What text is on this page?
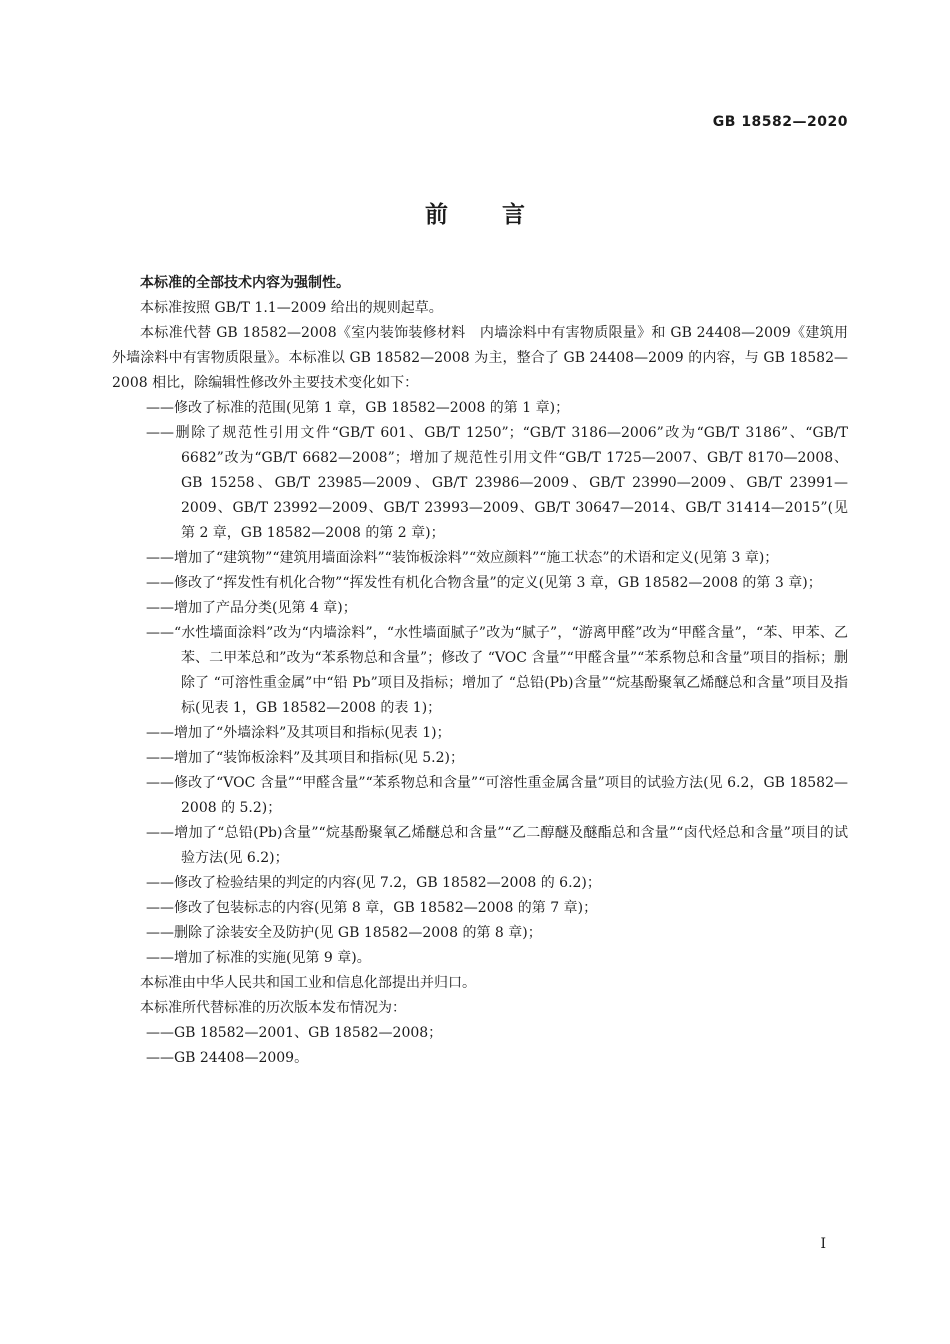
GB 18582—2020
前言

本标准的全部技术内容为强制性。

本标准按照 GB/T 1.1—2009 给出的规则起草。

本标准代替 GB 18582—2008《室内装饰装修材料　内墙涂料中有害物质限量》和 GB 24408—2009《建筑用外墙涂料中有害物质限量》。本标准以 GB 18582—2008 为主，整合了 GB 24408—2009 的内容，与 GB 18582—2008 相比，除编辑性修改外主要技术变化如下：

——修改了标准的范围(见第 1 章，GB 18582—2008 的第 1 章)；

——删除了规范性引用文件“GB/T 601、GB/T 1250”；“GB/T 3186—2006”改为“GB/T 3186”、“GB/T 6682”改为“GB/T 6682—2008”；增加了规范性引用文件“GB/T 1725—2007、GB/T 8170—2008、GB 15258、GB/T 23985—2009、GB/T 23986—2009、GB/T 23990—2009、GB/T 23991—2009、GB/T 23992—2009、GB/T 23993—2009、GB/T 30647—2014、GB/T 31414—2015”(见第 2 章，GB 18582—2008 的第 2 章)；

——增加了“建筑物”“建筑用墙面涂料”“装饰板涂料”“效应颜料”“施工状态”的术语和定义(见第 3 章)；

——修改了“挥发性有机化合物”“挥发性有机化合物含量”的定义(见第 3 章，GB 18582—2008 的第 3 章)；

——增加了产品分类(见第 4 章)；

——“水性墙面涂料”改为“内墙涂料”，“水性墙面腻子”改为“腻子”，“游离甲醛”改为“甲醛含量”，“苯、甲苯、乙苯、二甲苯总和”改为“苯系物总和含量”；修改了 “VOC 含量”“甲醛含量”“苯系物总和含量”项目的指标；删除了 “可溶性重金属”中“铅 Pb”项目及指标；增加了 “总铅(Pb)含量”“烷基酚聚氧乙烯醚总和含量”项目及指标(见表 1，GB 18582—2008 的表 1)；

——增加了“外墙涂料”及其项目和指标(见表 1)；

——增加了“装饰板涂料”及其项目和指标(见 5.2)；

——修改了“VOC 含量”“甲醛含量”“苯系物总和含量”“可溶性重金属含量”项目的试验方法(见 6.2，GB 18582—2008 的 5.2)；

——增加了“总铅(Pb)含量”“烷基酚聚氧乙烯醚总和含量”“乙二醇醚及醚酯总和含量”“卤代烃总和含量”项目的试验方法(见 6.2)；

——修改了检验结果的判定的内容(见 7.2，GB 18582—2008 的 6.2)；

——修改了包装标志的内容(见第 8 章，GB 18582—2008 的第 7 章)；

——删除了涂装安全及防护(见 GB 18582—2008 的第 8 章)；

——增加了标准的实施(见第 9 章)。

本标准由中华人民共和国工业和信息化部提出并归口。

本标准所代替标准的历次版本发布情况为：

——GB 18582—2001、GB 18582—2008；

——GB 24408—2009。

I
